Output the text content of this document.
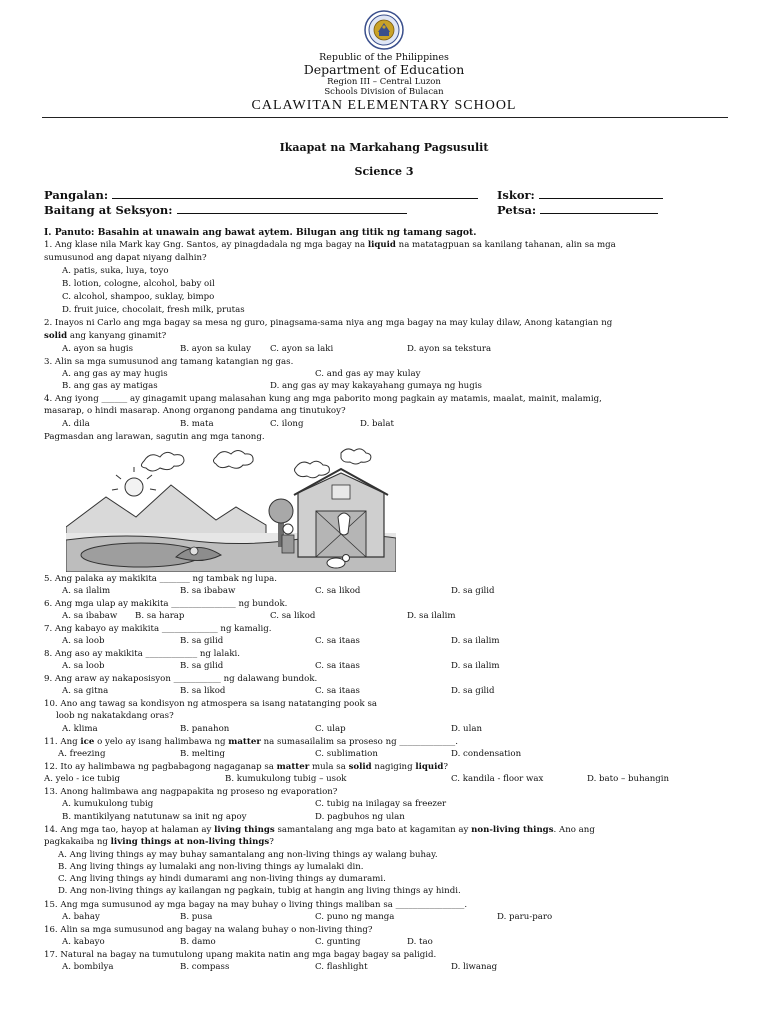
Republic of the Philippines
Department of Education
Region III – Central Luzon
Schools Division of Bulacan
CALAWITAN ELEMENTARY SCHOOL
Ikaapat na Markahang Pagsusulit
Science 3
Pangalan:	Iskor:
Baitang at Seksyon:	Petsa:
I. Panuto: Basahin at unawain ang bawat aytem. Bilugan ang titik ng tamang sagot.
1. Ang klase nila Mark kay Gng. Santos, ay pinagdadala ng mga bagay na liquid na matatagpuan sa kanilang tahanan, alin sa mga
sumusunod ang dapat niyang dalhin?
A. patis, suka, luya, toyo
B. lotion, cologne, alcohol, baby oil
C. alcohol, shampoo, suklay, bimpo
D. fruit juice, chocolait, fresh milk, prutas
2. Inayos ni Carlo ang mga bagay sa mesa ng guro, pinagsama-sama niya ang mga bagay na may kulay dilaw, Anong katangian ng
solid ang kanyang ginamit?
A. ayon sa hugis	B. ayon sa kulay C. ayon sa laki	D. ayon sa tekstura
3. Alin sa mga sumusunod ang tamang katangian ng gas.
A. ang gas ay may hugis	C. and gas ay may kulay
B. ang gas ay matigas	D. ang gas ay may kakayahang gumaya ng hugis
4. Ang iyong ______ ay ginagamit upang malasahan kung ang mga paborito mong pagkain ay matamis, maalat, mainit, malamig,
masarap, o hindi masarap. Anong organong pandama ang tinutukoy?
A. dila	B. mata	C. ilong	D. balat
Pagmasdan ang larawan, sagutin ang mga tanong.
5. Ang palaka ay makikita _______ ng tambak ng lupa.
A. sa ilalim	B. sa ibabaw	C. sa likod	D. sa gilid
6. Ang mga ulap ay makikita _______________ ng bundok.
A. sa ibabaw B. sa harap	C. sa likod	D. sa ilalim
7. Ang kabayo ay makikita _____________ ng kamalig.
A. sa loob	B. sa gilid	C. sa itaas	D. sa ilalim
8. Ang aso ay makikita ____________ ng lalaki.
A. sa loob	B. sa gilid	C. sa itaas	D. sa ilalim
9. Ang araw ay nakaposisyon ___________ ng dalawang bundok.
A. sa gitna	B. sa likod	C. sa itaas	D. sa gilid
10. Ano ang tawag sa kondisyon ng atmospera sa isang natatanging pook sa
loob ng nakatakdang oras?
A. klima	B. panahon	C. ulap	D. ulan
11. Ang ice o yelo ay isang halimbawa ng matter na sumasailalim sa proseso ng _____________.
A. freezing	B. melting	C. sublimation	D. condensation
12. Ito ay halimbawa ng pagbabagong nagaganap sa matter mula sa solid nagiging liquid?
A. yelo - ice tubig	B. kumukulong tubig – usok	C. kandila - floor wax	D. bato – buhangin
13. Anong halimbawa ang nagpapakita ng proseso ng evaporation?
A. kumukulong tubig	C. tubig na inilagay sa freezer
B. mantikilyang natutunaw sa init ng apoy	D. pagbuhos ng ulan
14. Ang mga tao, hayop at halaman ay living things samantalang ang mga bato at kagamitan ay non-living things. Ano ang
pagkakaiba ng living things at non-living things?
A. Ang living things ay may buhay samantalang ang non-living things ay walang buhay.
B. Ang living things ay lumalaki ang non-living things ay lumalaki din.
C. Ang living things ay hindi dumarami ang non-living things ay dumarami.
D. Ang non-living things ay kailangan ng pagkain, tubig at hangin ang living things ay hindi.
15. Ang mga sumusunod ay mga bagay na may buhay o living things maliban sa ________________.
A. bahay	B. pusa	C. puno ng manga	D. paru-paro
16. Alin sa mga sumusunod ang bagay na walang buhay o non-living thing?
A. kabayo	B. damo	C. gunting	D. tao
17. Natural na bagay na tumutulong upang makita natin ang mga bagay bagay sa paligid.
A. bombilya	B. compass	C. flashlight	D. liwanag
